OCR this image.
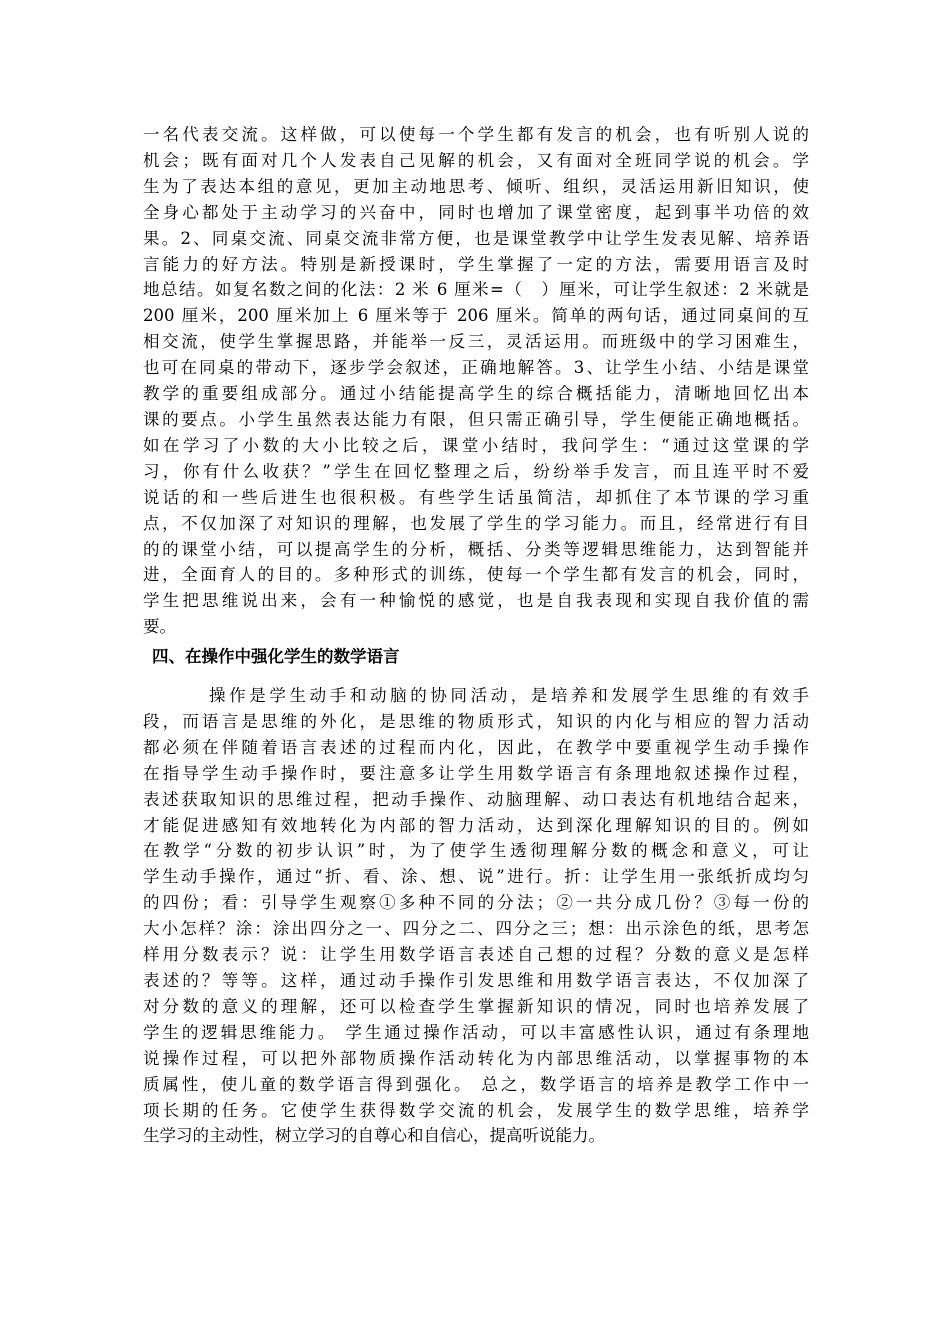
一名代表交流。这样做，可以使每一个学生都有发言的机会，也有听别人说的
机会；既有面对几个人发表自己见解的机会，又有面对全班同学说的机会。学
生为了表达本组的意见，更加主动地思考、倾听、组织，灵活运用新旧知识，使
全身心都处于主动学习的兴奋中，同时也增加了课堂密度，起到事半功倍的效
果。2、同桌交流、同桌交流非常方便，也是课堂教学中让学生发表见解、培养语
言能力的好方法。特别是新授课时，学生掌握了一定的方法，需要用语言及时
地总结。如复名数之间的化法：2 米 6 厘米=（　）厘米，可让学生叙述：2 米就是
200 厘米，200 厘米加上 6 厘米等于 206 厘米。简单的两句话，通过同桌间的互
相交流，使学生掌握思路，并能举一反三，灵活运用。而班级中的学习困难生，
也可在同桌的带动下，逐步学会叙述，正确地解答。3、让学生小结、小结是课堂
教学的重要组成部分。通过小结能提高学生的综合概括能力，清晰地回忆出本
课的要点。小学生虽然表达能力有限，但只需正确引导，学生便能正确地概括。
如在学习了小数的大小比较之后，课堂小结时，我问学生：“通过这堂课的学
习，你有什么收获？”学生在回忆整理之后，纷纷举手发言，而且连平时不爱
说话的和一些后进生也很积极。有些学生话虽简洁，却抓住了本节课的学习重
点，不仅加深了对知识的理解，也发展了学生的学习能力。而且，经常进行有目
的的课堂小结，可以提高学生的分析，概括、分类等逻辑思维能力，达到智能并
进，全面育人的目的。多种形式的训练，使每一个学生都有发言的机会，同时，
学生把思维说出来，会有一种愉悦的感觉，也是自我表现和实现自我价值的需
要。
四、在操作中强化学生的数学语言
操作是学生动手和动脑的协同活动，是培养和发展学生思维的有效手
段，而语言是思维的外化，是思维的物质形式，知识的内化与相应的智力活动
都必须在伴随着语言表述的过程而内化，因此，在教学中要重视学生动手操作
在指导学生动手操作时，要注意多让学生用数学语言有条理地叙述操作过程，
表述获取知识的思维过程，把动手操作、动脑理解、动口表达有机地结合起来，
才能促进感知有效地转化为内部的智力活动，达到深化理解知识的目的。例如
在教学“分数的初步认识”时，为了使学生透彻理解分数的概念和意义，可让
学生动手操作，通过“折、看、涂、想、说”进行。折：让学生用一张纸折成均匀
的四份；看：引导学生观察①多种不同的分法；②一共分成几份？③每一份的
大小怎样？涂：涂出四分之一、四分之二、四分之三；想：出示涂色的纸，思考怎
样用分数表示？说：让学生用数学语言表述自己想的过程？分数的意义是怎样
表述的？等等。这样，通过动手操作引发思维和用数学语言表达，不仅加深了
对分数的意义的理解，还可以检查学生掌握新知识的情况，同时也培养发展了
学生的逻辑思维能力。 学生通过操作活动，可以丰富感性认识，通过有条理地
说操作过程，可以把外部物质操作活动转化为内部思维活动，以掌握事物的本
质属性，使儿童的数学语言得到强化。 总之，数学语言的培养是教学工作中一
项长期的任务。它使学生获得数学交流的机会，发展学生的数学思维，培养学
生学习的主动性，树立学习的自尊心和自信心，提高听说能力。
